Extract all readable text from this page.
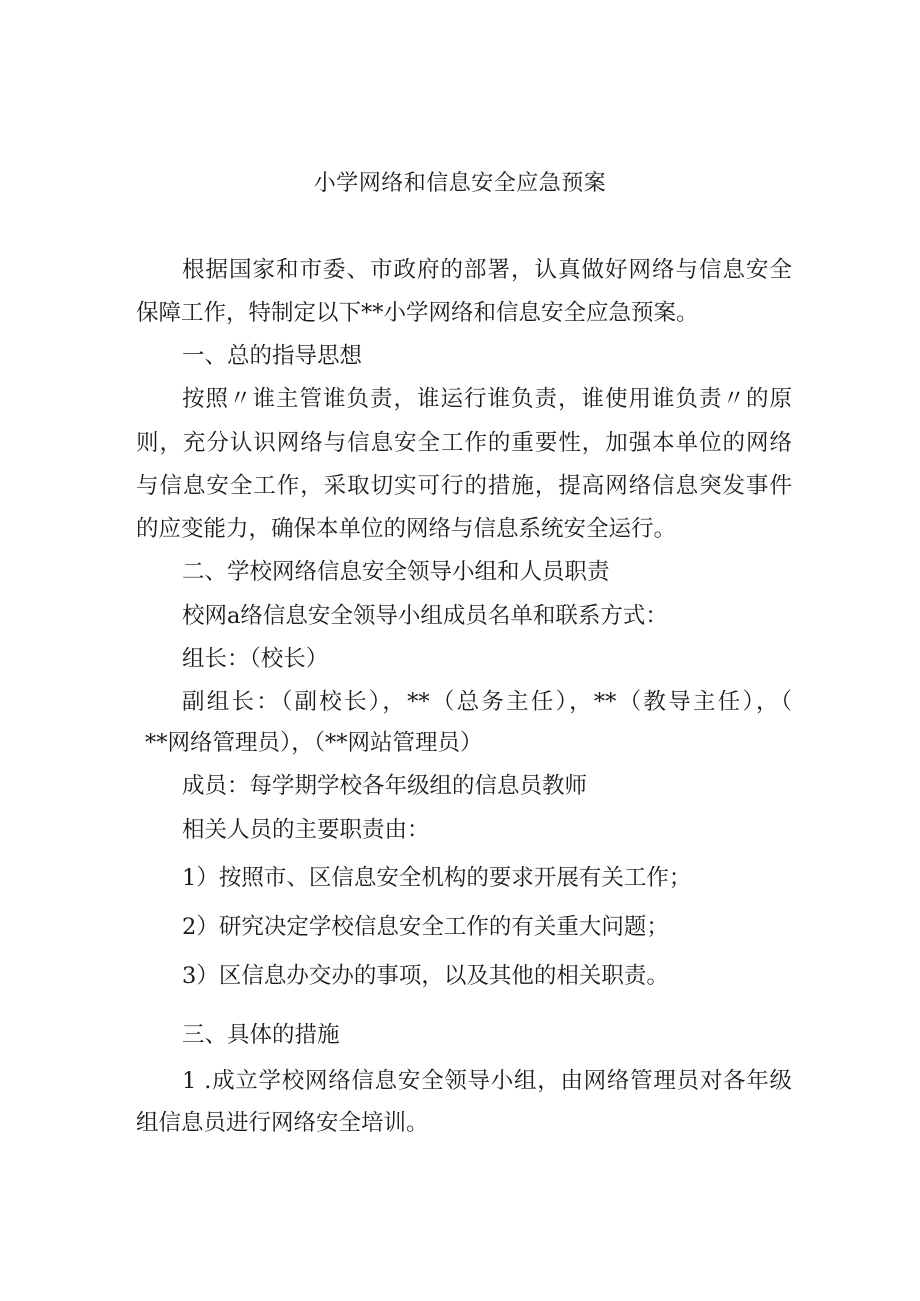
小学网络和信息安全应急预案
根据国家和市委、市政府的部署，认真做好网络与信息安全
保障工作，特制定以下**小学网络和信息安全应急预案。
一、总的指导思想
按照〃谁主管谁负责，谁运行谁负责，谁使用谁负责〃的原
则，充分认识网络与信息安全工作的重要性，加强本单位的网络
与信息安全工作，采取切实可行的措施，提高网络信息突发事件
的应变能力，确保本单位的网络与信息系统安全运行。
二、学校网络信息安全领导小组和人员职责
校网a络信息安全领导小组成员名单和联系方式：
组长：（校长）
副组长：（副校长），**（总务主任），**（教导主任），（
**网络管理员），（**网站管理员）
成员：每学期学校各年级组的信息员教师
相关人员的主要职责由：
1）按照市、区信息安全机构的要求开展有关工作；
2）研究决定学校信息安全工作的有关重大问题；
3）区信息办交办的事项，以及其他的相关职责。
三、具体的措施
1 .成立学校网络信息安全领导小组，由网络管理员对各年级
组信息员进行网络安全培训。
